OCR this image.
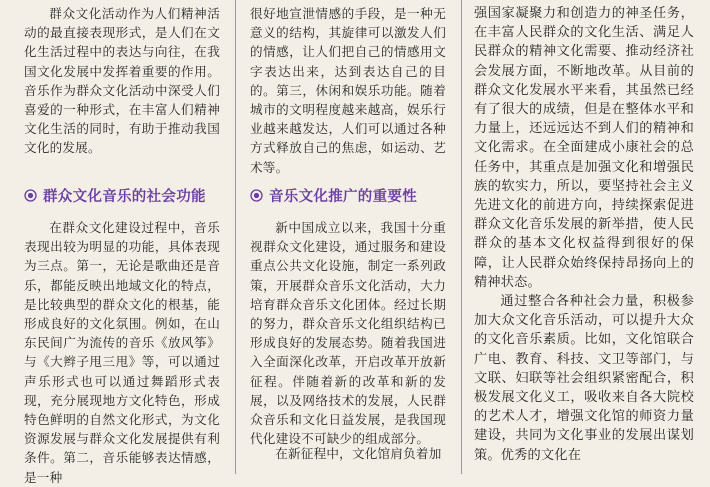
群众文化活动作为人们精神活动的最直接表现形式，是人们在文化生活过程中的表达与向往，在我国文化发展中发挥着重要的作用。音乐作为群众文化活动中深受人们喜爱的一种形式，在丰富人们精神文化生活的同时，有助于推动我国文化的发展。

群众文化音乐的社会功能

在群众文化建设过程中，音乐表现出较为明显的功能，具体表现为三点。第一，无论是歌曲还是音乐，都能反映出地域文化的特点，是比较典型的群众文化的根基，能形成良好的文化氛围。例如，在山东民间广为流传的音乐《放风筝》与《大辫子甩三甩》等，可以通过声乐形式也可以通过舞蹈形式表现，充分展现地方文化特色，形成特色鲜明的自然文化形式，为文化资源发展与群众文化发展提供有利条件。第二，音乐能够表达情感，是一种

很好地宣泄情感的手段，是一种无意义的结构，其旋律可以激发人们的情感，让人们把自己的情感用文字表达出来，达到表达自己的目的。第三，休闲和娱乐功能。随着城市的文明程度越来越高，娱乐行业越来越发达，人们可以通过各种方式释放自己的焦虑，如运动、艺术等。

音乐文化推广的重要性

新中国成立以来，我国十分重视群众文化建设，通过服务和建设重点公共文化设施，制定一系列政策，开展群众音乐文化活动，大力培育群众音乐文化团体。经过长期的努力，群众音乐文化组织结构已形成良好的发展态势。随着我国进入全面深化改革，开启改革开放新征程。伴随着新的改革和新的发展，以及网络技术的发展，人民群众音乐和文化日益发展，是我国现代化建设不可缺少的组成部分。

在新征程中，文化馆肩负着加

强国家凝聚力和创造力的神圣任务，在丰富人民群众的文化生活、满足人民群众的精神文化需要、推动经济社会发展方面，不断地改革。从目前的群众文化发展水平来看，其虽然已经有了很大的成绩，但是在整体水平和力量上，还远远达不到人们的精神和文化需求。在全面建成小康社会的总任务中，其重点是加强文化和增强民族的软实力，所以，要坚持社会主义先进文化的前进方向，持续探索促进群众文化音乐发展的新举措，使人民群众的基本文化权益得到很好的保障，让人民群众始终保持昂扬向上的精神状态。

通过整合各种社会力量，积极参加大众文化音乐活动，可以提升大众的文化音乐素质。比如，文化馆联合广电、教育、科技、文卫等部门，与文联、妇联等社会组织紧密配合，积极发展文化义工，吸收来自各大院校的艺术人才，增强文化馆的师资力量建设，共同为文化事业的发展出谋划策。优秀的文化在
